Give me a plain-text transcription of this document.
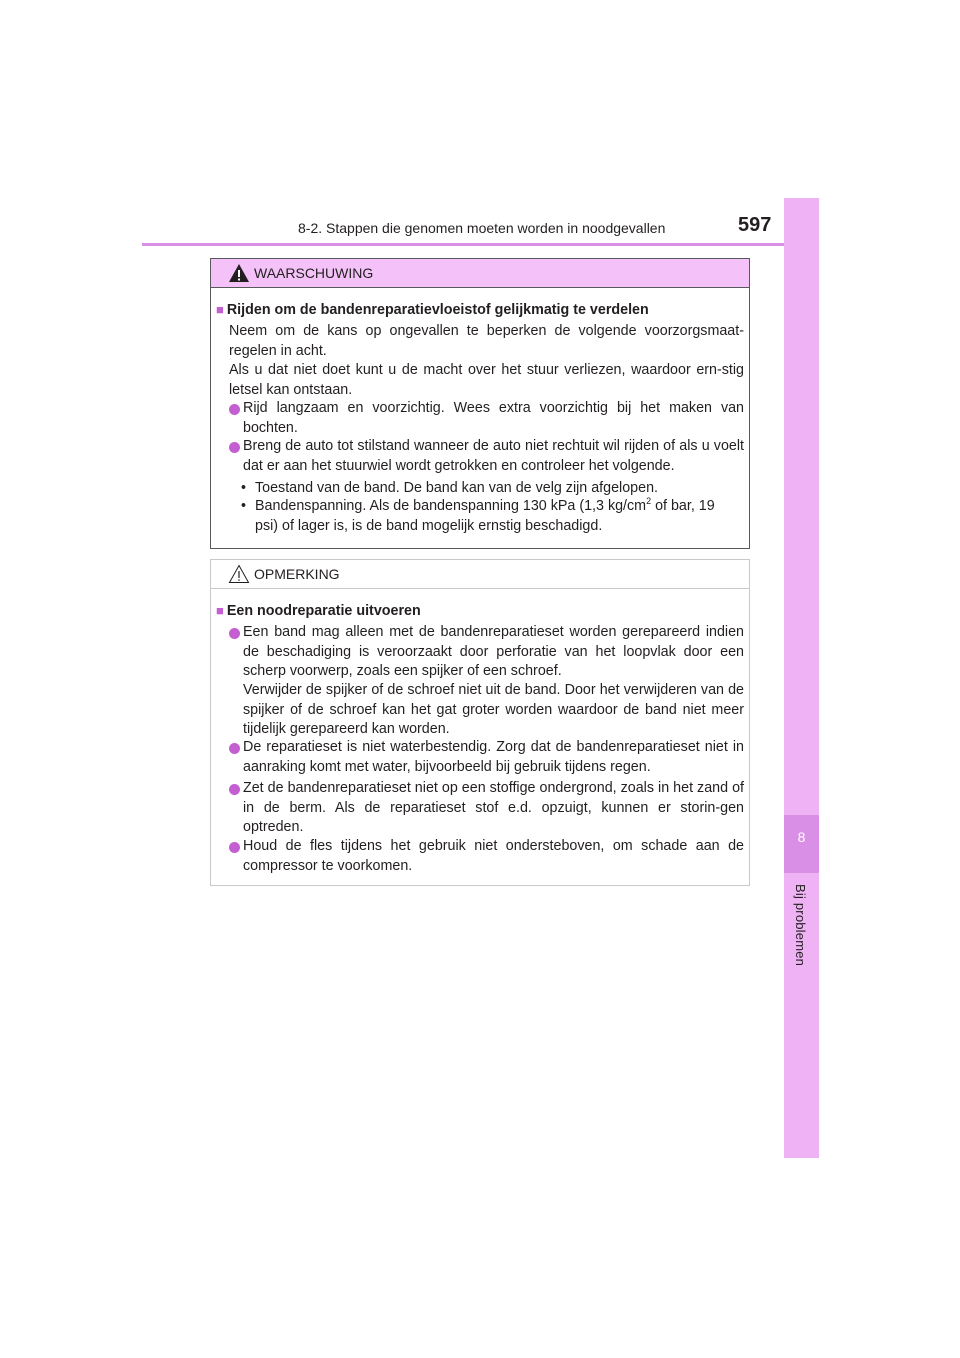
8-2. Stappen die genomen moeten worden in noodgevallen	597
8
Bij problemen
WAARSCHUWING
■ Rijden om de bandenreparatievloeistof gelijkmatig te verdelen
Neem om de kans op ongevallen te beperken de volgende voorzorgsmaat-regelen in acht.
Als u dat niet doet kunt u de macht over het stuur verliezen, waardoor ern-stig letsel kan ontstaan.
Rijd langzaam en voorzichtig. Wees extra voorzichtig bij het maken van bochten.
Breng de auto tot stilstand wanneer de auto niet rechtuit wil rijden of als u voelt dat er aan het stuurwiel wordt getrokken en controleer het volgende.
• Toestand van de band. De band kan van de velg zijn afgelopen.
• Bandenspanning. Als de bandenspanning 130 kPa (1,3 $kg/cm^2$ of bar, 19 psi) of lager is, is de band mogelijk ernstig beschadigd.
OPMERKING
■ Een noodreparatie uitvoeren
Een band mag alleen met de bandenreparatieset worden gerepareerd indien de beschadiging is veroorzaakt door perforatie van het loopvlak door een scherp voorwerp, zoals een spijker of een schroef.
Verwijder de spijker of de schroef niet uit de band. Door het verwijderen van de spijker of de schroef kan het gat groter worden waardoor de band niet meer tijdelijk gerepareerd kan worden.
De reparatieset is niet waterbestendig. Zorg dat de bandenreparatieset niet in aanraking komt met water, bijvoorbeeld bij gebruik tijdens regen.
Zet de bandenreparatieset niet op een stoffige ondergrond, zoals in het zand of in de berm. Als de reparatieset stof e.d. opzuigt, kunnen er storin-gen optreden.
Houd de fles tijdens het gebruik niet ondersteboven, om schade aan de compressor te voorkomen.
